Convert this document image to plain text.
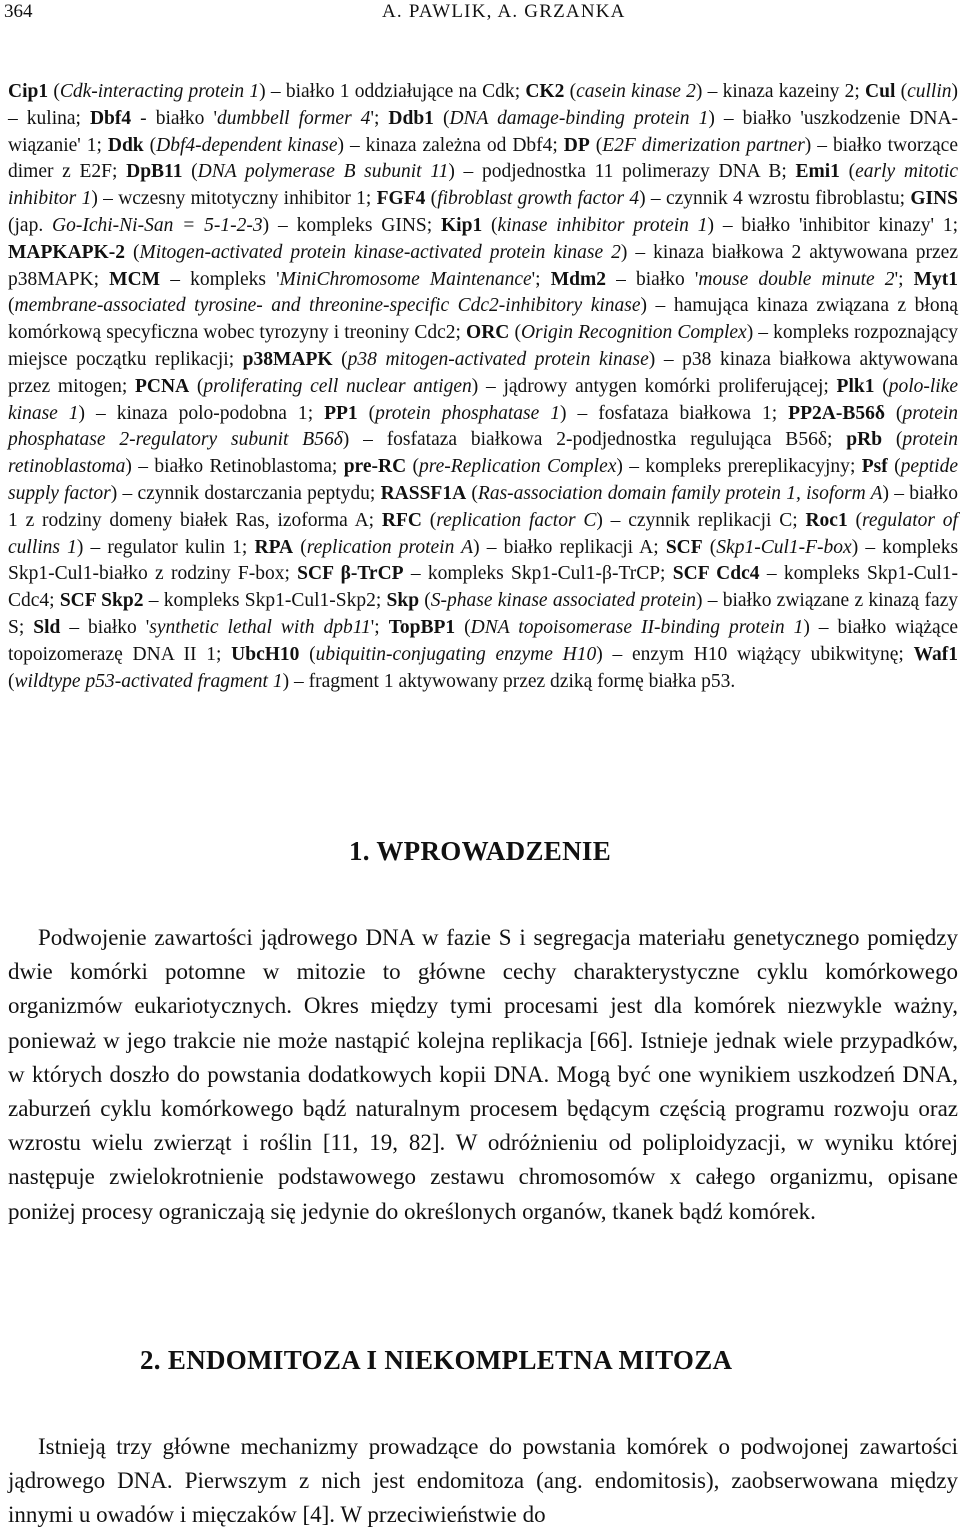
364	A. PAWLIK, A. GRZANKA

Cip1 (Cdk-interacting protein 1) – białko 1 oddziałujące na Cdk; CK2 (casein kinase 2) – kinaza kazeiny 2; Cul (cullin) – kulina; Dbf4 - białko 'dumbbell former 4'; Ddb1 (DNA damage-binding protein 1) – białko 'uszkodzenie DNA-wiązanie' 1; Ddk (Dbf4-dependent kinase) – kinaza zależna od Dbf4; DP (E2F dimerization partner) – białko tworzące dimer z E2F; DpB11 (DNA polymerase B subunit 11) – podjednostka 11 polimerazy DNA B; Emi1 (early mitotic inhibitor 1) – wczesny mitotyczny inhibitor 1; FGF4 (fibroblast growth factor 4) – czynnik 4 wzrostu fibroblastu; GINS (jap. Go-Ichi-Ni-San = 5-1-2-3) – kompleks GINS; Kip1 (kinase inhibitor protein 1) – białko 'inhibitor kinazy' 1; MAPKAPK-2 (Mitogen-activated protein kinase-activated protein kinase 2) – kinaza białkowa 2 aktywowana przez p38MAPK; MCM – kompleks 'MiniChromosome Maintenance'; Mdm2 – białko 'mouse double minute 2'; Myt1 (membrane-associated tyrosine- and threonine-specific Cdc2-inhibitory kinase) – hamująca kinaza związana z błoną komórkową specyficzna wobec tyrozyny i treoniny Cdc2; ORC (Origin Recognition Complex) – kompleks rozpoznający miejsce początku replikacji; p38MAPK (p38 mitogen-activated protein kinase) – p38 kinaza białkowa aktywowana przez mitogen; PCNA (proliferating cell nuclear antigen) – jądrowy antygen komórki proliferującej; Plk1 (polo-like kinase 1) – kinaza polo-podobna 1; PP1 (protein phosphatase 1) – fosfataza białkowa 1; PP2A-B56δ (protein phosphatase 2-regulatory subunit B56δ) – fosfataza białkowa 2-podjednostka regulująca B56δ; pRb (protein retinoblastoma) – białko Retinoblastoma; pre-RC (pre-Replication Complex) – kompleks prereplikacyjny; Psf (peptide supply factor) – czynnik dostarczania peptydu; RASSF1A (Ras-association domain family protein 1, isoform A) – białko 1 z rodziny domeny białek Ras, izoforma A; RFC (replication factor C) – czynnik replikacji C; Roc1 (regulator of cullins 1) – regulator kulin 1; RPA (replication protein A) – białko replikacji A; SCF (Skp1-Cul1-F-box) – kompleks Skp1-Cul1-białko z rodziny F-box; SCF β-TrCP – kompleks Skp1-Cul1-β-TrCP; SCF Cdc4 – kompleks Skp1-Cul1-Cdc4; SCF Skp2 – kompleks Skp1-Cul1-Skp2; Skp (S-phase kinase associated protein) – białko związane z kinazą fazy S; Sld – białko 'synthetic lethal with dpb11'; TopBP1 (DNA topoisomerase II-binding protein 1) – białko wiążące topoizomerazę DNA II 1; UbcH10 (ubiquitin-conjugating enzyme H10) – enzym H10 wiążący ubikwitynę; Waf1 (wildtype p53-activated fragment 1) – fragment 1 aktywowany przez dziką formę białka p53.

1. WPROWADZENIE

Podwojenie zawartości jądrowego DNA w fazie S i segregacja materiału genetycznego pomiędzy dwie komórki potomne w mitozie to główne cechy charakterystyczne cyklu komórkowego organizmów eukariotycznych. Okres między tymi procesami jest dla komórek niezwykle ważny, ponieważ w jego trakcie nie może nastąpić kolejna replikacja [66]. Istnieje jednak wiele przypadków, w których doszło do powstania dodatkowych kopii DNA. Mogą być one wynikiem uszkodzeń DNA, zaburzeń cyklu komórkowego bądź naturalnym procesem będącym częścią programu rozwoju oraz wzrostu wielu zwierząt i roślin [11, 19, 82]. W odróżnieniu od poliploidyzacji, w wyniku której następuje zwielokrotnienie podstawowego zestawu chromosomów x całego organizmu, opisane poniżej procesy ograniczają się jedynie do określonych organów, tkanek bądź komórek.

2. ENDOMITOZA I NIEKOMPLETNA MITOZA

Istnieją trzy główne mechanizmy prowadzące do powstania komórek o podwojonej zawartości jądrowego DNA. Pierwszym z nich jest endomitoza (ang. endomitosis), zaobserwowana między innymi u owadów i mięczaków [4]. W przeciwieństwie do
